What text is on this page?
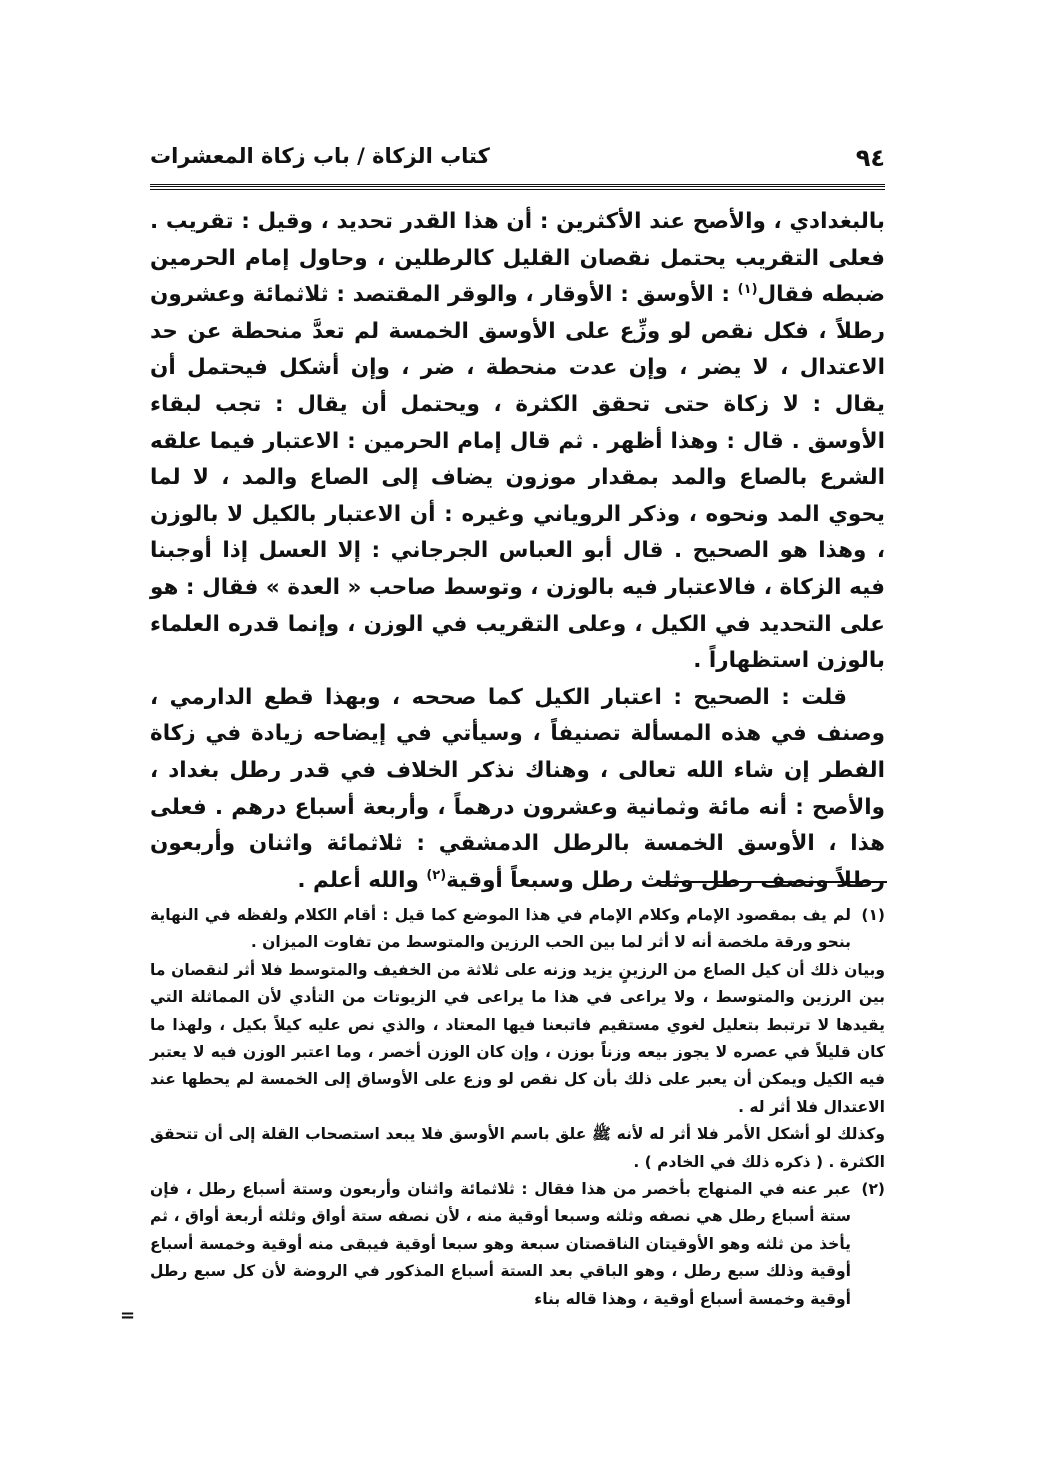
٩٤
كتاب الزكاة / باب زكاة المعشرات

بالبغدادي ، والأصح عند الأكثرين : أن هذا القدر تحديد ، وقيل : تقريب . فعلى التقريب يحتمل نقصان القليل كالرطلين ، وحاول إمام الحرمين ضبطه فقال$^{(١)}$ : الأوسق : الأوقار ، والوقر المقتصد : ثلاثمائة وعشرون رطلاً ، فكل نقص لو وزِّع على الأوسق الخمسة لم تعدَّ منحطة عن حد الاعتدال ، لا يضر ، وإن عدت منحطة ، ضر ، وإن أشكل فيحتمل أن يقال : لا زكاة حتى تحقق الكثرة ، ويحتمل أن يقال : تجب لبقاء الأوسق . قال : وهذا أظهر . ثم قال إمام الحرمين : الاعتبار فيما علقه الشرع بالصاع والمد بمقدار موزون يضاف إلى الصاع والمد ، لا لما يحوي المد ونحوه ، وذكر الروياني وغيره : أن الاعتبار بالكيل لا بالوزن ، وهذا هو الصحيح . قال أبو العباس الجرجاني : إلا العسل إذا أوجبنا فيه الزكاة ، فالاعتبار فيه بالوزن ، وتوسط صاحب « العدة » فقال : هو على التحديد في الكيل ، وعلى التقريب في الوزن ، وإنما قدره العلماء بالوزن استظهاراً .

قلت : الصحيح : اعتبار الكيل كما صححه ، وبهذا قطع الدارمي ، وصنف في هذه المسألة تصنيفاً ، وسيأتي في إيضاحه زيادة في زكاة الفطر إن شاء الله تعالى ، وهناك نذكر الخلاف في قدر رطل بغداد ، والأصح : أنه مائة وثمانية وعشرون درهماً ، وأربعة أسباع درهم . فعلى هذا ، الأوسق الخمسة بالرطل الدمشقي : ثلاثمائة واثنان وأربعون رطلاً ونصف رطل وثلث رطل وسبعاً أوقية$^{(٢)}$ والله أعلم .

(١)

لم يف بمقصود الإمام وكلام الإمام في هذا الموضع كما قيل : أقام الكلام ولفظه في النهاية بنحو ورقة ملخصة أنه لا أثر لما بين الحب الرزين والمتوسط من تفاوت الميزان .

وبيان ذلك أن كيل الصاع من الرزينٍ يزيد وزنه على ثلاثة من الخفيف والمتوسط فلا أثر لنقصان ما بين الرزين والمتوسط ، ولا يراعى في هذا ما يراعى في الزيوتات من التأدي لأن المماثلة التي يقيدها لا ترتبط بتعليل لغوي مستقيم فاتبعنا فيها المعتاد ، والذي نص عليه كيلاً بكيل ، ولهذا ما كان قليلاً في عصره لا يجوز بيعه وزناً بوزن ، وإن كان الوزن أخصر ، وما اعتبر الوزن فيه لا يعتبر فيه الكيل ويمكن أن يعبر على ذلك بأن كل نقص لو وزع على الأوساق إلى الخمسة لم يحطها عند الاعتدال فلا أثر له .

وكذلك لو أشكل الأمر فلا أثر له لأنه ﷺ علق باسم الأوسق فلا يبعد استصحاب القلة إلى أن تتحقق الكثرة . ( ذكره ذلك في الخادم ) .

(٢)

عبر عنه في المنهاج بأخصر من هذا فقال : ثلاثمائة واثنان وأربعون وستة أسباع رطل ، فإن ستة أسباع رطل هي نصفه وثلثه وسبعا أوقية منه ، لأن نصفه ستة أواق وثلثه أربعة أواق ، ثم يأخذ من ثلثه وهو الأوقيتان الناقصتان سبعة وهو سبعا أوقية فيبقى منه أوقية وخمسة أسباع أوقية وذلك سبع رطل ، وهو الباقي بعد الستة أسباع المذكور في الروضة لأن كل سبع رطل أوقية وخمسة أسباع أوقية ، وهذا قاله بناء

=
